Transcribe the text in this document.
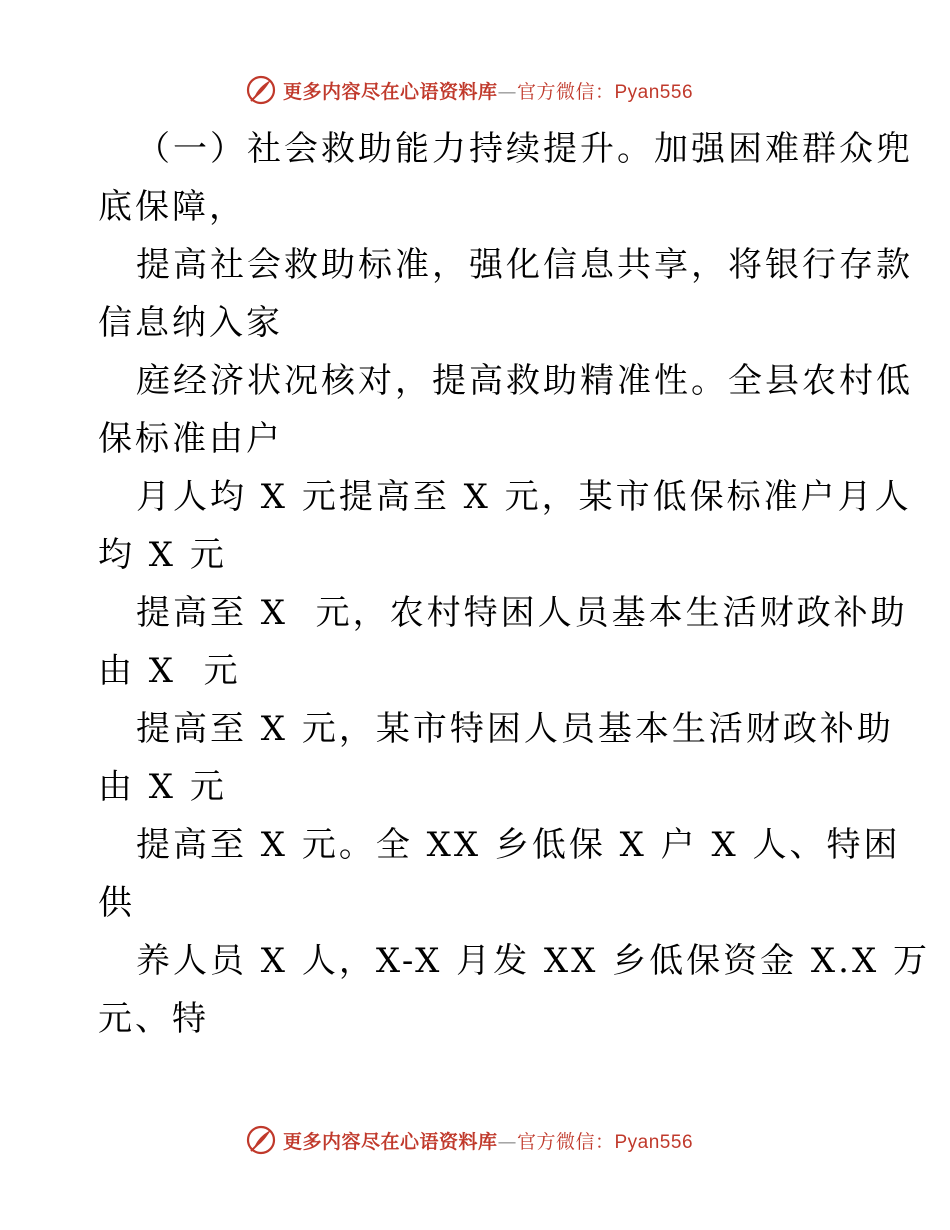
更多内容尽在心语资料库—官方微信：Pyan556

（一）社会救助能力持续提升。加强困难群众兜
底保障，

提高社会救助标准，强化信息共享，将银行存款
信息纳入家

庭经济状况核对，提高救助精准性。全县农村低
保标准由户

月人均 X 元提高至 X 元，某市低保标准户月人
均 X 元

提高至 X  元，农村特困人员基本生活财政补助
由 X  元

提高至 X 元，某市特困人员基本生活财政补助
由 X 元

提高至 X 元。全 XX 乡低保 X 户 X 人、特困
供

养人员 X 人，X-X 月发 XX 乡低保资金 X.X 万
元、特

更多内容尽在心语资料库—官方微信：Pyan556
